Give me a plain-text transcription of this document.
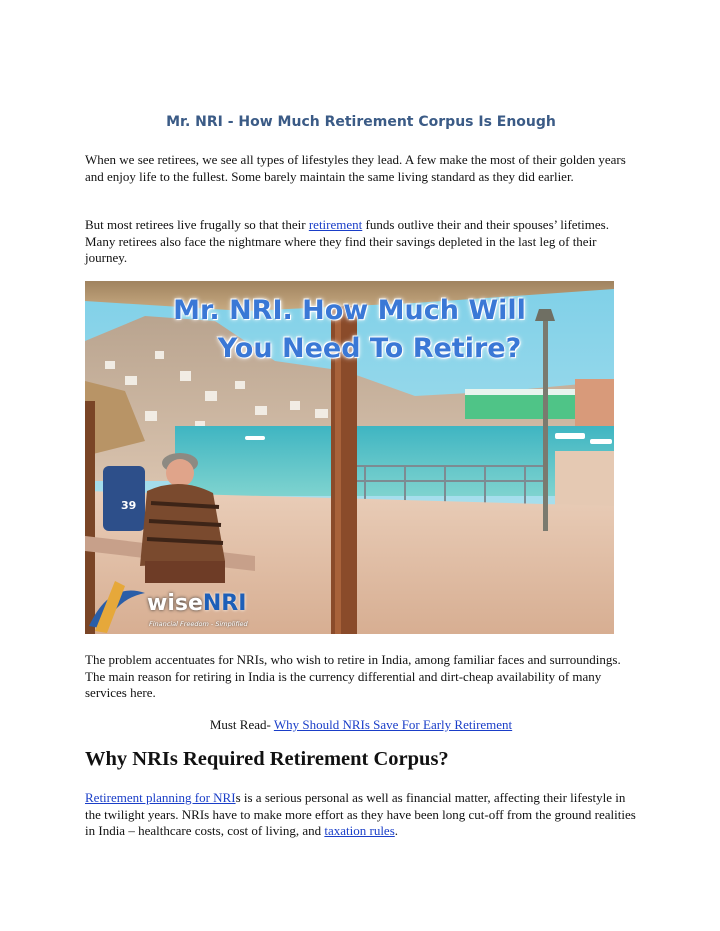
Mr. NRI - How Much Retirement Corpus Is Enough

When we see retirees, we see all types of lifestyles they lead. A few make the most of their golden years and enjoy life to the fullest. Some barely maintain the same living standard as they did earlier.

But most retirees live frugally so that their retirement funds outlive their and their spouses’ lifetimes. Many retirees also face the nightmare where they find their savings depleted in the last leg of their journey.

The problem accentuates for NRIs, who wish to retire in India, among familiar faces and surroundings. The main reason for retiring in India is the currency differential and dirt-cheap availability of many services here.

Must Read- Why Should NRIs Save For Early Retirement

Why NRIs Required Retirement Corpus?

Retirement planning for NRIs is a serious personal as well as financial matter, affecting their lifestyle in the twilight years. NRIs have to make more effort as they have been long cut-off from the ground realities in India – healthcare costs, cost of living, and taxation rules.

39
Mr. NRI. How Much Will
You Need To Retire?
wiseNRI
Financial Freedom - Simplified
